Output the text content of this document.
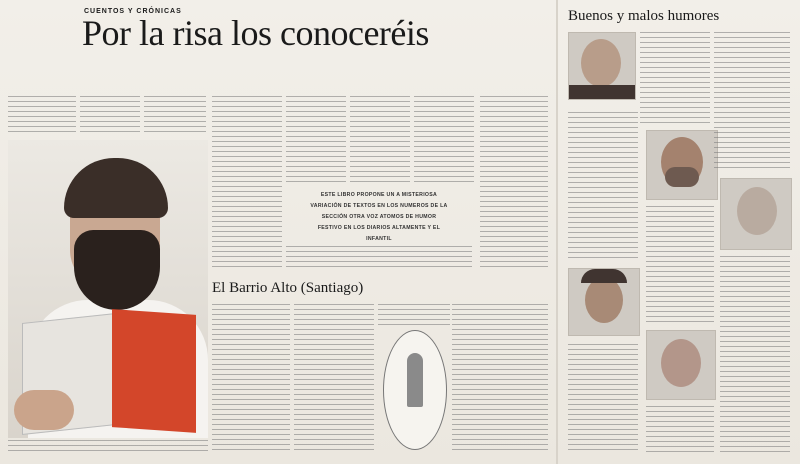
CUENTOS Y CRÓNICAS
Por la risa los conoceréis
ESTE LIBRO PROPONE UN A MISTERIOSA
VARIACIÓN DE TEXTOS EN LOS NUMEROS DE LA
SECCIÓN OTRA VOZ ATOMOS DE HUMOR
FESTIVO EN LOS DIARIOS ALTAMENTE Y EL
INFANTIL
El Barrio Alto (Santiago)
Buenos y malos humores
